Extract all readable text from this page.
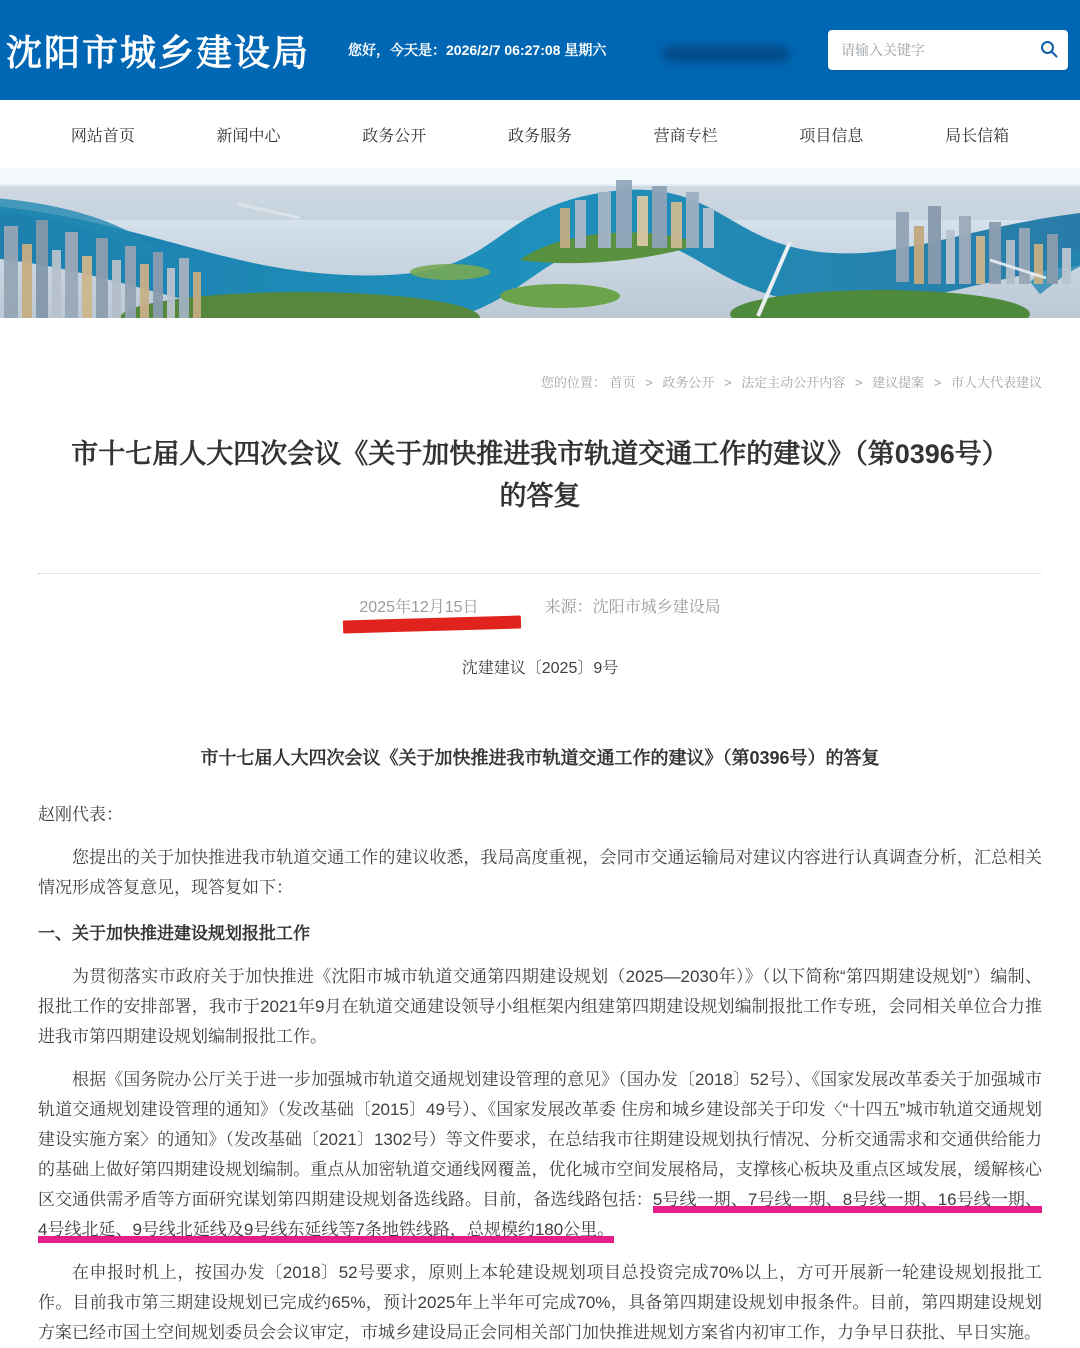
沈阳市城乡建设局	您好，今天是：2026/2/7 06:27:08 星期六
请输入关键字
网站首页	新闻中心	政务公开	政务服务	营商专栏	项目信息	局长信箱
您的位置： 首页 > 政务公开 > 法定主动公开内容 > 建议提案 > 市人大代表建议
市十七届人大四次会议《关于加快推进我市轨道交通工作的建议》（第0396号）的答复
2025年12月15日	来源：沈阳市城乡建设局
沈建建议〔2025〕9号
市十七届人大四次会议《关于加快推进我市轨道交通工作的建议》（第0396号）的答复

赵刚代表：

您提出的关于加快推进我市轨道交通工作的建议收悉，我局高度重视，会同市交通运输局对建议内容进行认真调查分析，汇总相关情况形成答复意见，现答复如下：

一、关于加快推进建设规划报批工作

为贯彻落实市政府关于加快推进《沈阳市城市轨道交通第四期建设规划（2025—2030年）》（以下简称“第四期建设规划”）编制、报批工作的安排部署，我市于2021年9月在轨道交通建设领导小组框架内组建第四期建设规划编制报批工作专班，会同相关单位合力推进我市第四期建设规划编制报批工作。

根据《国务院办公厅关于进一步加强城市轨道交通规划建设管理的意见》（国办发〔2018〕52号）、《国家发展改革委关于加强城市轨道交通规划建设管理的通知》（发改基础〔2015〕49号）、《国家发展改革委 住房和城乡建设部关于印发〈“十四五”城市轨道交通规划建设实施方案〉的通知》（发改基础〔2021〕1302号）等文件要求，在总结我市往期建设规划执行情况、分析交通需求和交通供给能力的基础上做好第四期建设规划编制。重点从加密轨道交通线网覆盖，优化城市空间发展格局，支撑核心板块及重点区域发展，缓解核心区交通供需矛盾等方面研究谋划第四期建设规划备选线路。目前，备选线路包括：5号线一期、7号线一期、8号线一期、16号线一期、4号线北延、9号线北延线及9号线东延线等7条地铁线路，总规模约180公里。

在申报时机上，按国办发〔2018〕52号要求，原则上本轮建设规划项目总投资完成70%以上，方可开展新一轮建设规划报批工作。目前我市第三期建设规划已完成约65%，预计2025年上半年可完成70%，具备第四期建设规划申报条件。目前，第四期建设规划方案已经市国土空间规划委员会会议审定，市城乡建设局正会同相关部门加快推进规划方案省内初审工作，力争早日获批、早日实施。
